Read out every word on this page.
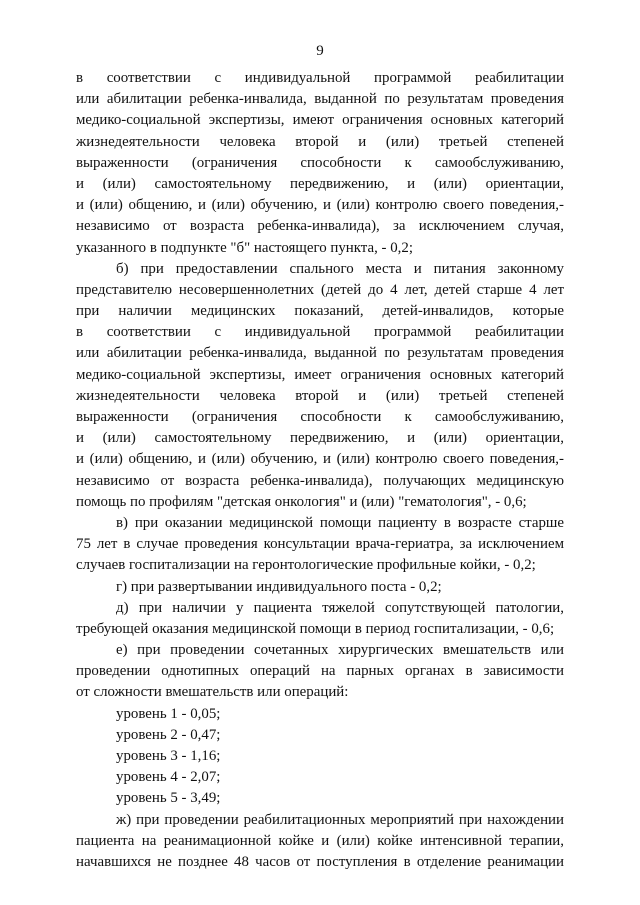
9
в соответствии с индивидуальной программой реабилитации
или абилитации ребенка-инвалида, выданной по результатам проведения
медико-социальной экспертизы, имеют ограничения основных категорий
жизнедеятельности человека второй и (или) третьей степеней
выраженности (ограничения способности к самообслуживанию,
и (или) самостоятельному передвижению, и (или) ориентации,
и (или) общению, и (или) обучению, и (или) контролю своего поведения,-
независимо от возраста ребенка-инвалида), за исключением случая,
указанного в подпункте "б" настоящего пункта, - 0,2;
б) при предоставлении спального места и питания законному
представителю несовершеннолетних (детей до 4 лет, детей старше 4 лет
при наличии медицинских показаний, детей-инвалидов, которые
в соответствии с индивидуальной программой реабилитации
или абилитации ребенка-инвалида, выданной по результатам проведения
медико-социальной экспертизы, имеет ограничения основных категорий
жизнедеятельности человека второй и (или) третьей степеней
выраженности (ограничения способности к самообслуживанию,
и (или) самостоятельному передвижению, и (или) ориентации,
и (или) общению, и (или) обучению, и (или) контролю своего поведения,-
независимо от возраста ребенка-инвалида), получающих медицинскую
помощь по профилям "детская онкология" и (или) "гематология", - 0,6;
в) при оказании медицинской помощи пациенту в возрасте старше
75 лет в случае проведения консультации врача-гериатра, за исключением
случаев госпитализации на геронтологические профильные койки, - 0,2;
г) при развертывании индивидуального поста - 0,2;
д) при наличии у пациента тяжелой сопутствующей патологии,
требующей оказания медицинской помощи в период госпитализации, - 0,6;
е) при проведении сочетанных хирургических вмешательств или
проведении однотипных операций на парных органах в зависимости
от сложности вмешательств или операций:
уровень 1 - 0,05;
уровень 2 - 0,47;
уровень 3 - 1,16;
уровень 4 - 2,07;
уровень 5 - 3,49;
ж) при проведении реабилитационных мероприятий при нахождении
пациента на реанимационной койке и (или) койке интенсивной терапии,
начавшихся не позднее 48 часов от поступления в отделение реанимации
